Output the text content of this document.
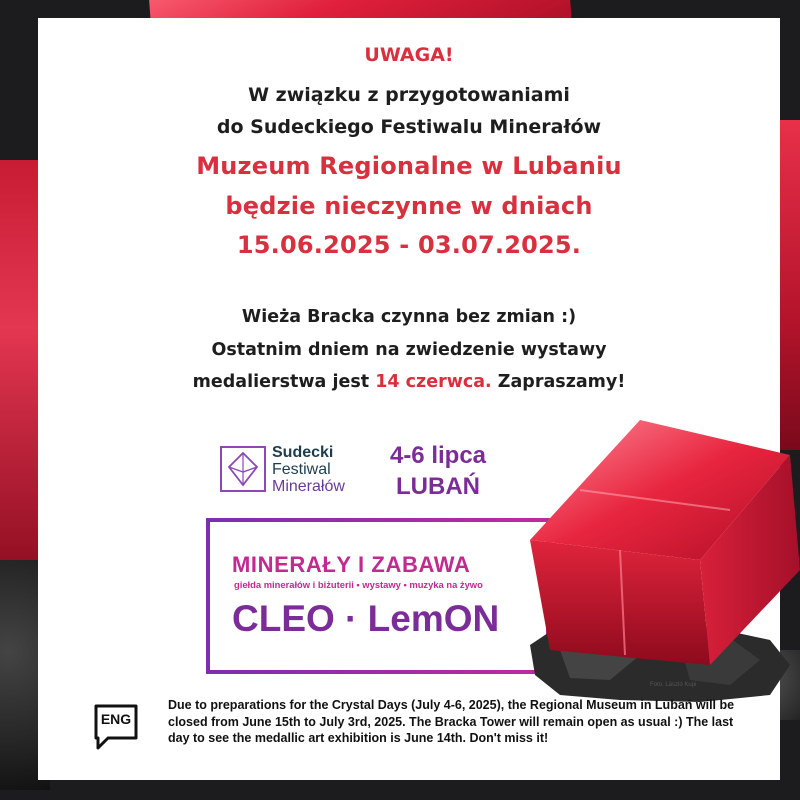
UWAGA!
W związku z przygotowaniami
do Sudeckiego Festiwalu Minerałów
Muzeum Regionalne w Lubaniu
będzie nieczynne w dniach
15.06.2025 - 03.07.2025.
Wieża Bracka czynna bez zmian :)
Ostatnim dniem na zwiedzenie wystawy
medalierstwa jest 14 czerwca. Zapraszamy!
Sudecki
Festiwal
Minerałów
4-6 lipca
LUBAŃ
MINERAŁY I ZABAWA
giełda minerałów i biżuterii • wystawy • muzyka na żywo
CLEO · LemON
Foto. László Kupi
ENG
Due to preparations for the Crystal Days (July 4-6, 2025), the Regional Museum in Lubań will be closed from June 15th to July 3rd, 2025. The Bracka Tower will remain open as usual :) The last day to see the medallic art exhibition is June 14th. Don't miss it!
